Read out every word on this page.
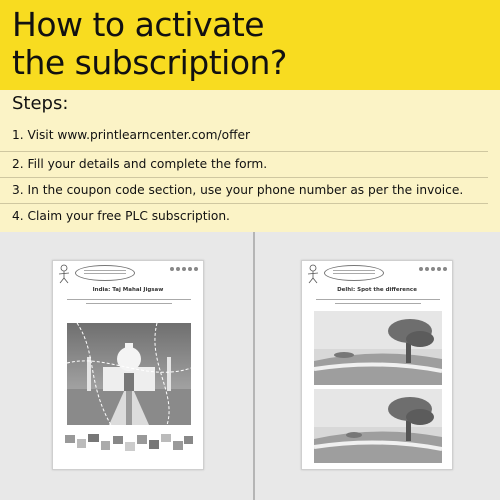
How to activate
the subscription?
Steps:
1. Visit www.printlearncenter.com/offer
2. Fill your details and complete the form.
3. In the coupon code section, use your phone number as per the invoice.
4. Claim your free PLC subscription.
India: Taj Mahal Jigsaw	Delhi: Spot the difference
